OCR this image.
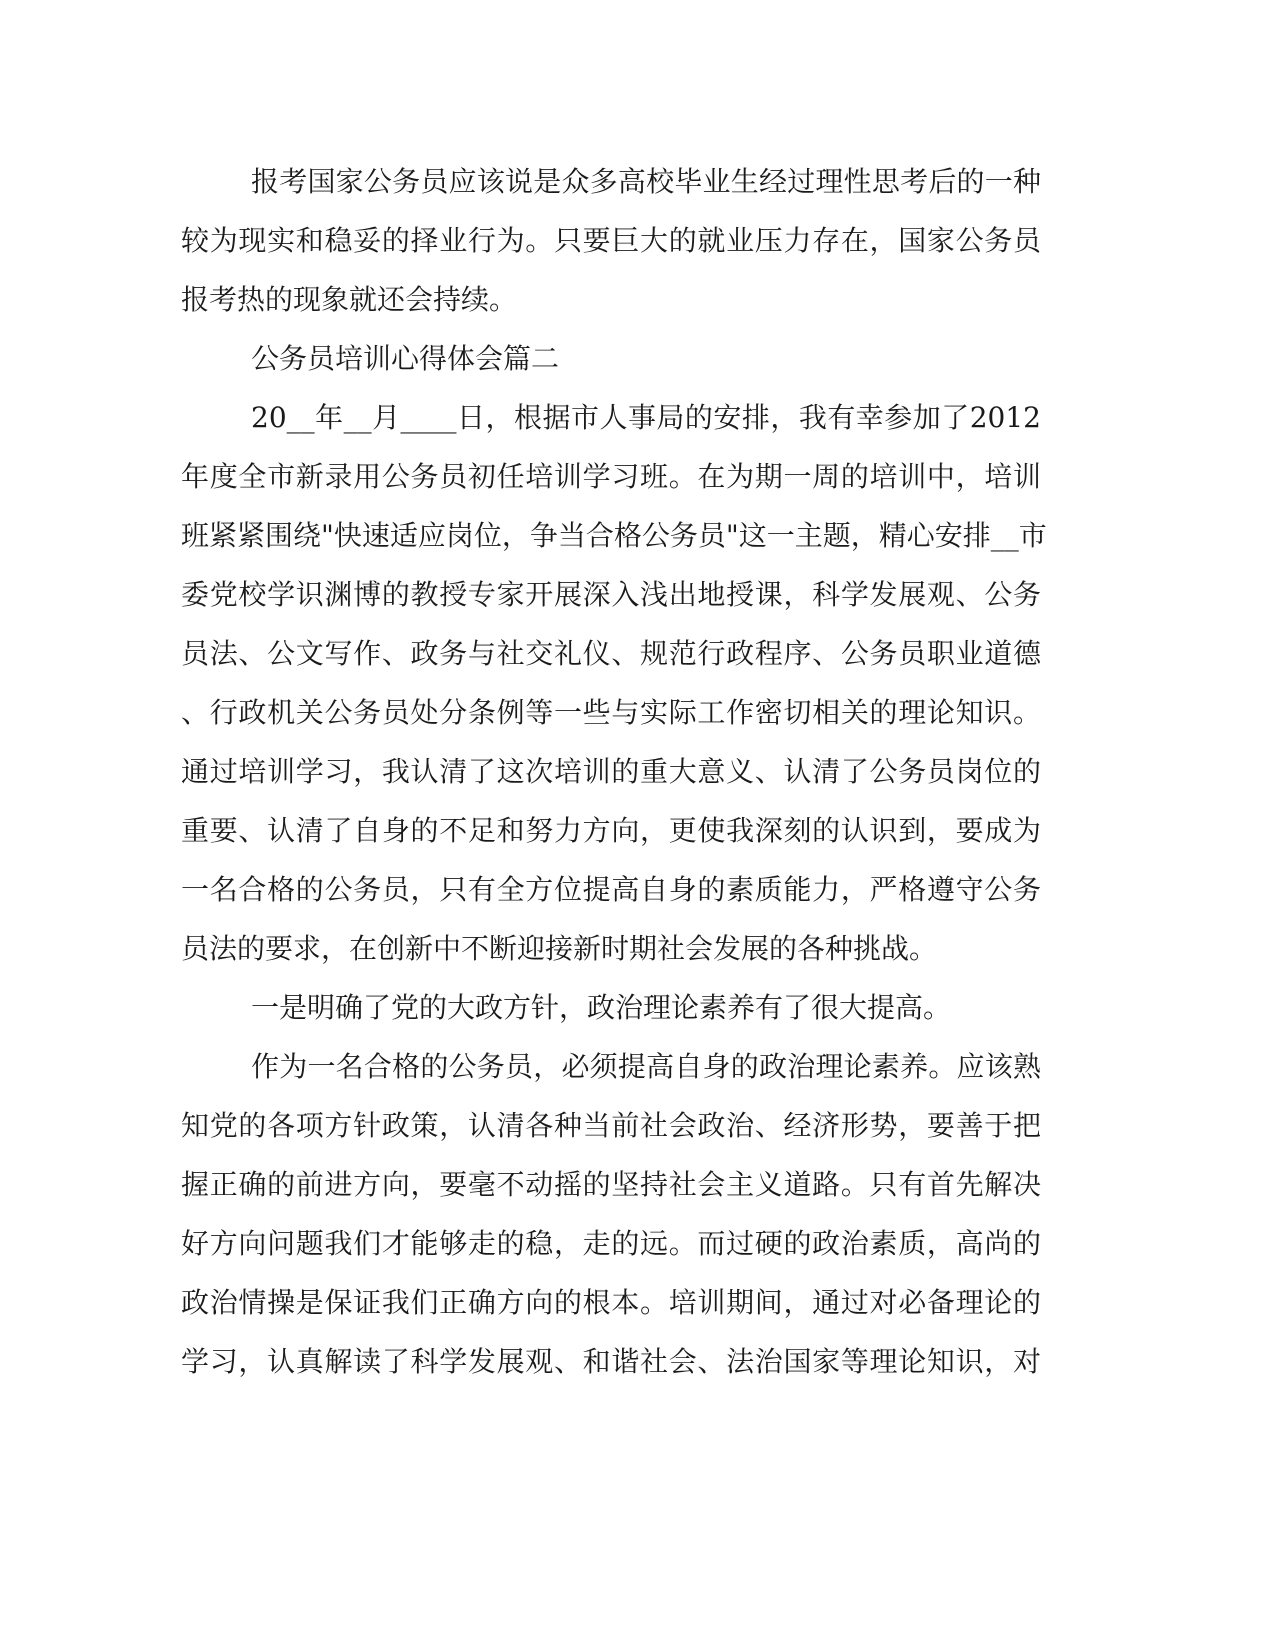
报考国家公务员应该说是众多高校毕业生经过理性思考后的一种
较为现实和稳妥的择业行为。只要巨大的就业压力存在，国家公务员
报考热的现象就还会持续。
公务员培训心得体会篇二
20__年__月____日，根据市人事局的安排，我有幸参加了2012
年度全市新录用公务员初任培训学习班。在为期一周的培训中，培训
班紧紧围绕"快速适应岗位，争当合格公务员"这一主题，精心安排__市
委党校学识渊博的教授专家开展深入浅出地授课，科学发展观、公务
员法、公文写作、政务与社交礼仪、规范行政程序、公务员职业道德
、行政机关公务员处分条例等一些与实际工作密切相关的理论知识。
通过培训学习，我认清了这次培训的重大意义、认清了公务员岗位的
重要、认清了自身的不足和努力方向，更使我深刻的认识到，要成为
一名合格的公务员，只有全方位提高自身的素质能力，严格遵守公务
员法的要求，在创新中不断迎接新时期社会发展的各种挑战。
一是明确了党的大政方针，政治理论素养有了很大提高。
作为一名合格的公务员，必须提高自身的政治理论素养。应该熟
知党的各项方针政策，认清各种当前社会政治、经济形势，要善于把
握正确的前进方向，要毫不动摇的坚持社会主义道路。只有首先解决
好方向问题我们才能够走的稳，走的远。而过硬的政治素质，高尚的
政治情操是保证我们正确方向的根本。培训期间，通过对必备理论的
学习，认真解读了科学发展观、和谐社会、法治国家等理论知识，对
